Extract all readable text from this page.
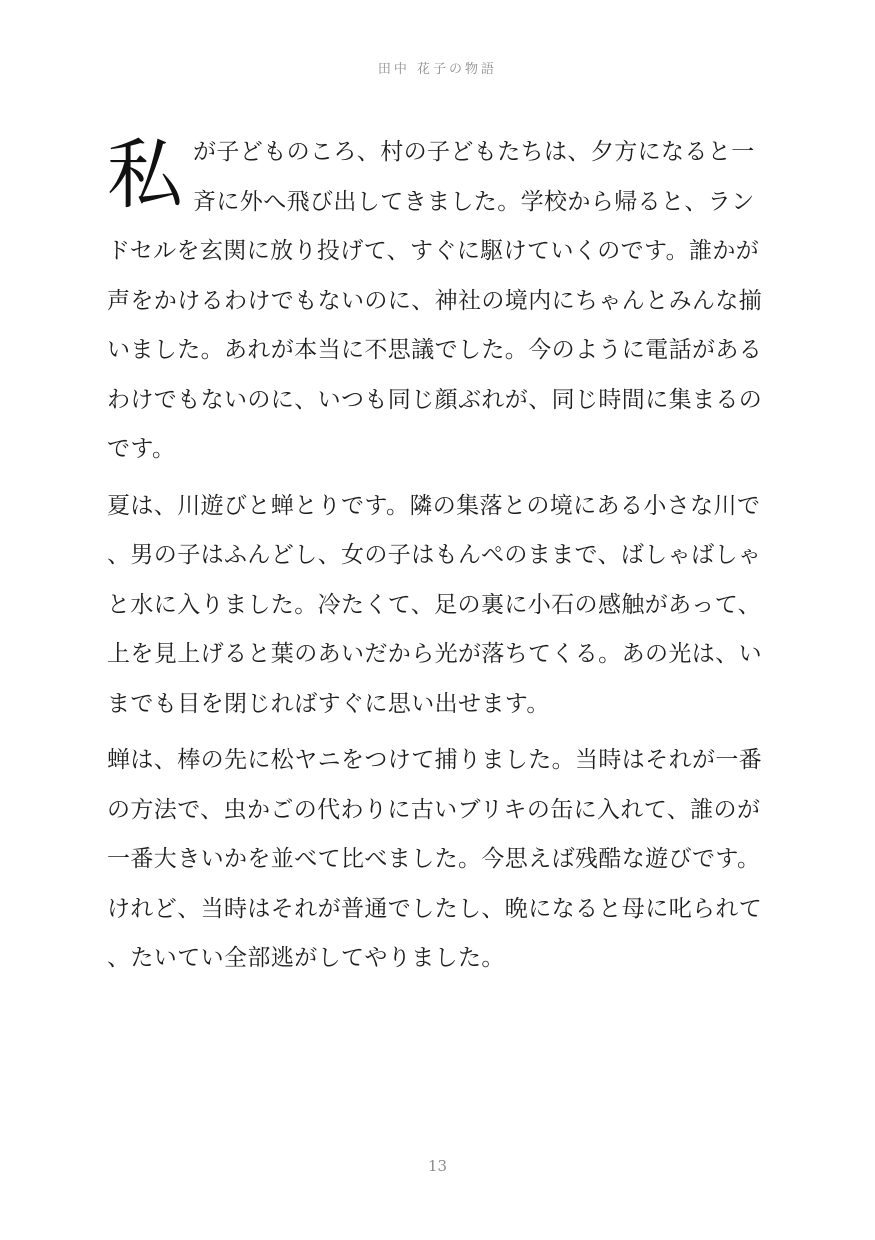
田中 花子の物語

私が子どものころ、村の子どもたちは、夕方になると一斉に外へ飛び出してきました。学校から帰ると、ランドセルを玄関に放り投げて、すぐに駆けていくのです。誰かが声をかけるわけでもないのに、神社の境内にちゃんとみんな揃いました。あれが本当に不思議でした。今のように電話があるわけでもないのに、いつも同じ顔ぶれが、同じ時間に集まるのです。

夏は、川遊びと蝉とりです。隣の集落との境にある小さな川で、男の子はふんどし、女の子はもんぺのままで、ばしゃばしゃと水に入りました。冷たくて、足の裏に小石の感触があって、上を見上げると葉のあいだから光が落ちてくる。あの光は、いまでも目を閉じればすぐに思い出せます。

蝉は、棒の先に松ヤニをつけて捕りました。当時はそれが一番の方法で、虫かごの代わりに古いブリキの缶に入れて、誰のが一番大きいかを並べて比べました。今思えば残酷な遊びです。けれど、当時はそれが普通でしたし、晩になると母に叱られて、たいてい全部逃がしてやりました。

13
